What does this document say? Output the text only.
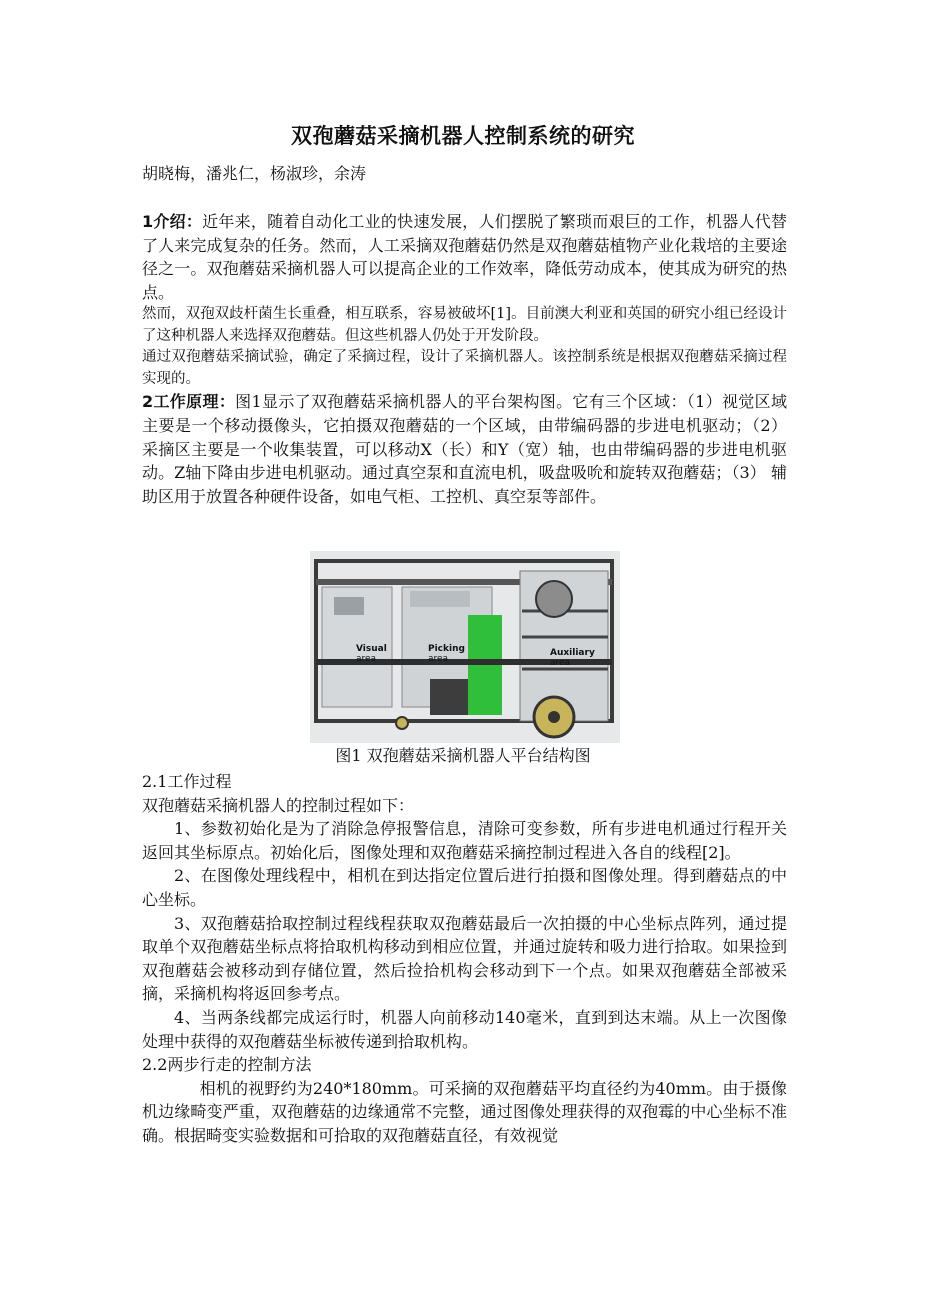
双孢蘑菇采摘机器人控制系统的研究
胡晓梅，潘兆仁，杨淑珍，余涛

1介绍：近年来，随着自动化工业的快速发展，人们摆脱了繁琐而艰巨的工作，机器人代替了人来完成复杂的任务。然而，人工采摘双孢蘑菇仍然是双孢蘑菇植物产业化栽培的主要途径之一。双孢蘑菇采摘机器人可以提高企业的工作效率，降低劳动成本，使其成为研究的热点。

然而，双孢双歧杆菌生长重叠，相互联系，容易被破坏[1]。目前澳大利亚和英国的研究小组已经设计了这种机器人来选择双孢蘑菇。但这些机器人仍处于开发阶段。

通过双孢蘑菇采摘试验，确定了采摘过程，设计了采摘机器人。该控制系统是根据双孢蘑菇采摘过程实现的。

2工作原理：图1显示了双孢蘑菇采摘机器人的平台架构图。它有三个区域：（1）视觉区域主要是一个移动摄像头，它拍摄双孢蘑菇的一个区域，由带编码器的步进电机驱动；（2） 采摘区主要是一个收集装置，可以移动X（长）和Y（宽）轴，也由带编码器的步进电机驱动。Z轴下降由步进电机驱动。通过真空泵和直流电机，吸盘吸吮和旋转双孢蘑菇；（3） 辅助区用于放置各种硬件设备，如电气柜、工控机、真空泵等部件。

Visual
area
Picking
area
Auxiliary
area
图1 双孢蘑菇采摘机器人平台结构图

2.1工作过程

双孢蘑菇采摘机器人的控制过程如下：

1、参数初始化是为了消除急停报警信息，清除可变参数，所有步进电机通过行程开关返回其坐标原点。初始化后，图像处理和双孢蘑菇采摘控制过程进入各自的线程[2]。

2、在图像处理线程中，相机在到达指定位置后进行拍摄和图像处理。得到蘑菇点的中心坐标。

3、双孢蘑菇拾取控制过程线程获取双孢蘑菇最后一次拍摄的中心坐标点阵列，通过提取单个双孢蘑菇坐标点将拾取机构移动到相应位置，并通过旋转和吸力进行拾取。如果捡到双孢蘑菇会被移动到存储位置，然后捡拾机构会移动到下一个点。如果双孢蘑菇全部被采摘，采摘机构将返回参考点。

4、当两条线都完成运行时，机器人向前移动140毫米，直到到达末端。从上一次图像处理中获得的双孢蘑菇坐标被传递到拾取机构。

2.2两步行走的控制方法

相机的视野约为240*180mm。可采摘的双孢蘑菇平均直径约为40mm。由于摄像机边缘畸变严重，双孢蘑菇的边缘通常不完整，通过图像处理获得的双孢霉的中心坐标不准确。根据畸变实验数据和可拾取的双孢蘑菇直径，有效视觉
